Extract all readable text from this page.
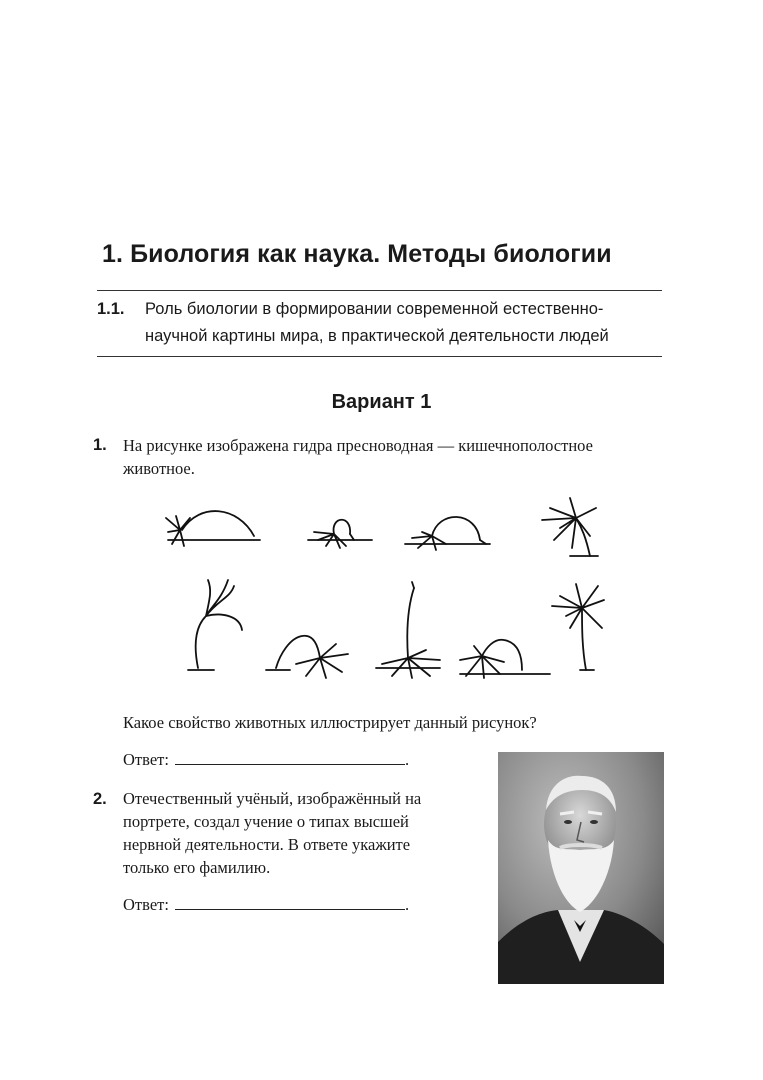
1. Биология как наука. Методы биологии
1.1. Роль биологии в формировании современной естественно-
научной картины мира, в практической деятельности людей
Вариант 1
1. На рисунке изображена гидра пресноводная — кишечнополостное
животное.
Какое свойство животных иллюстрирует данный рисунок?
Ответ:	.
2. Отечественный учёный, изображённый на
портрете, создал учение о типах высшей
нервной деятельности. В ответе укажите
только его фамилию.
Ответ:	.
